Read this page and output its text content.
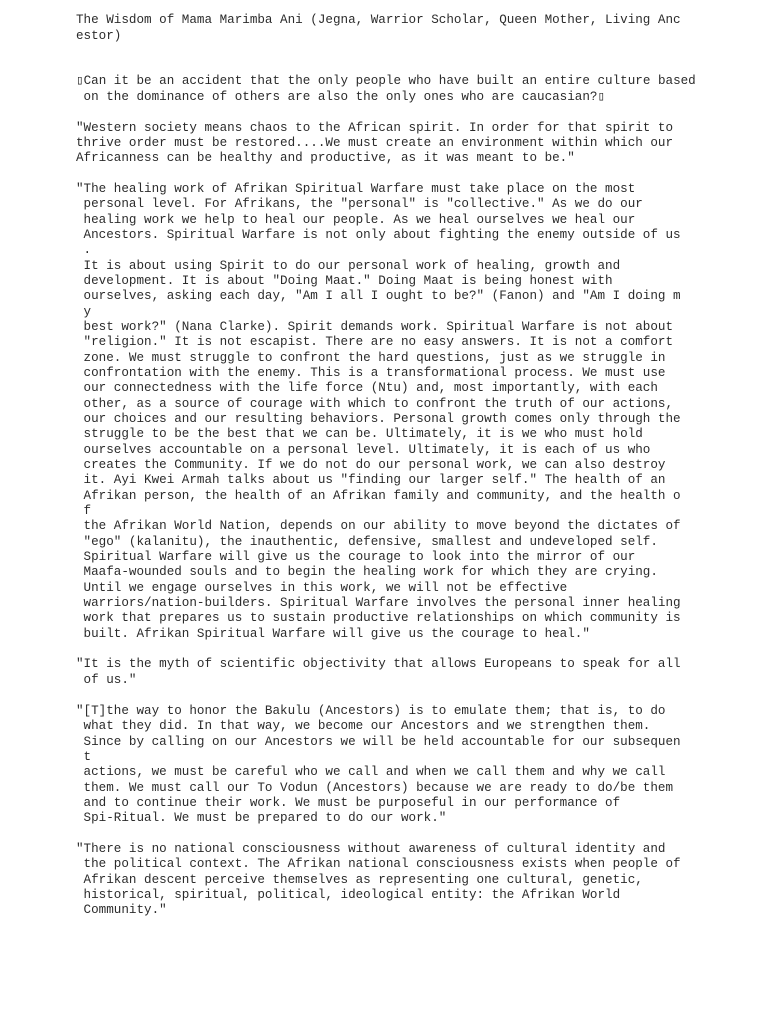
The Wisdom of Mama Marimba Ani (Jegna, Warrior Scholar, Queen Mother, Living Anc
estor)
▯Can it be an accident that the only people who have built an entire culture based
on the dominance of others are also the only ones who are caucasian?▯
"Western society means chaos to the African spirit. In order for that spirit to
thrive order must be restored....We must create an environment within which our
Africanness can be healthy and productive, as it was meant to be."
"The healing work of Afrikan Spiritual Warfare must take place on the most
personal level. For Afrikans, the "personal" is "collective." As we do our
healing work we help to heal our people. As we heal ourselves we heal our
Ancestors. Spiritual Warfare is not only about fighting the enemy outside of us
.
It is about using Spirit to do our personal work of healing, growth and
development. It is about "Doing Maat." Doing Maat is being honest with
ourselves, asking each day, "Am I all I ought to be?" (Fanon) and "Am I doing m
y
best work?" (Nana Clarke). Spirit demands work. Spiritual Warfare is not about
"religion." It is not escapist. There are no easy answers. It is not a comfort
zone. We must struggle to confront the hard questions, just as we struggle in
confrontation with the enemy. This is a transformational process. We must use
our connectedness with the life force (Ntu) and, most importantly, with each
other, as a source of courage with which to confront the truth of our actions,
our choices and our resulting behaviors. Personal growth comes only through the
struggle to be the best that we can be. Ultimately, it is we who must hold
ourselves accountable on a personal level. Ultimately, it is each of us who
creates the Community. If we do not do our personal work, we can also destroy
it. Ayi Kwei Armah talks about us "finding our larger self." The health of an
Afrikan person, the health of an Afrikan family and community, and the health o
f
the Afrikan World Nation, depends on our ability to move beyond the dictates of
"ego" (kalanitu), the inauthentic, defensive, smallest and undeveloped self.
Spiritual Warfare will give us the courage to look into the mirror of our
Maafa-wounded souls and to begin the healing work for which they are crying.
Until we engage ourselves in this work, we will not be effective
warriors/nation-builders. Spiritual Warfare involves the personal inner healing
work that prepares us to sustain productive relationships on which community is
built. Afrikan Spiritual Warfare will give us the courage to heal."
"It is the myth of scientific objectivity that allows Europeans to speak for all
of us."
"[T]the way to honor the Bakulu (Ancestors) is to emulate them; that is, to do
what they did. In that way, we become our Ancestors and we strengthen them.
Since by calling on our Ancestors we will be held accountable for our subsequen
t
actions, we must be careful who we call and when we call them and why we call
them. We must call our To Vodun (Ancestors) because we are ready to do/be them
and to continue their work. We must be purposeful in our performance of
Spi-Ritual. We must be prepared to do our work."
"There is no national consciousness without awareness of cultural identity and
the political context. The Afrikan national consciousness exists when people of
Afrikan descent perceive themselves as representing one cultural, genetic,
historical, spiritual, political, ideological entity: the Afrikan World
Community."
